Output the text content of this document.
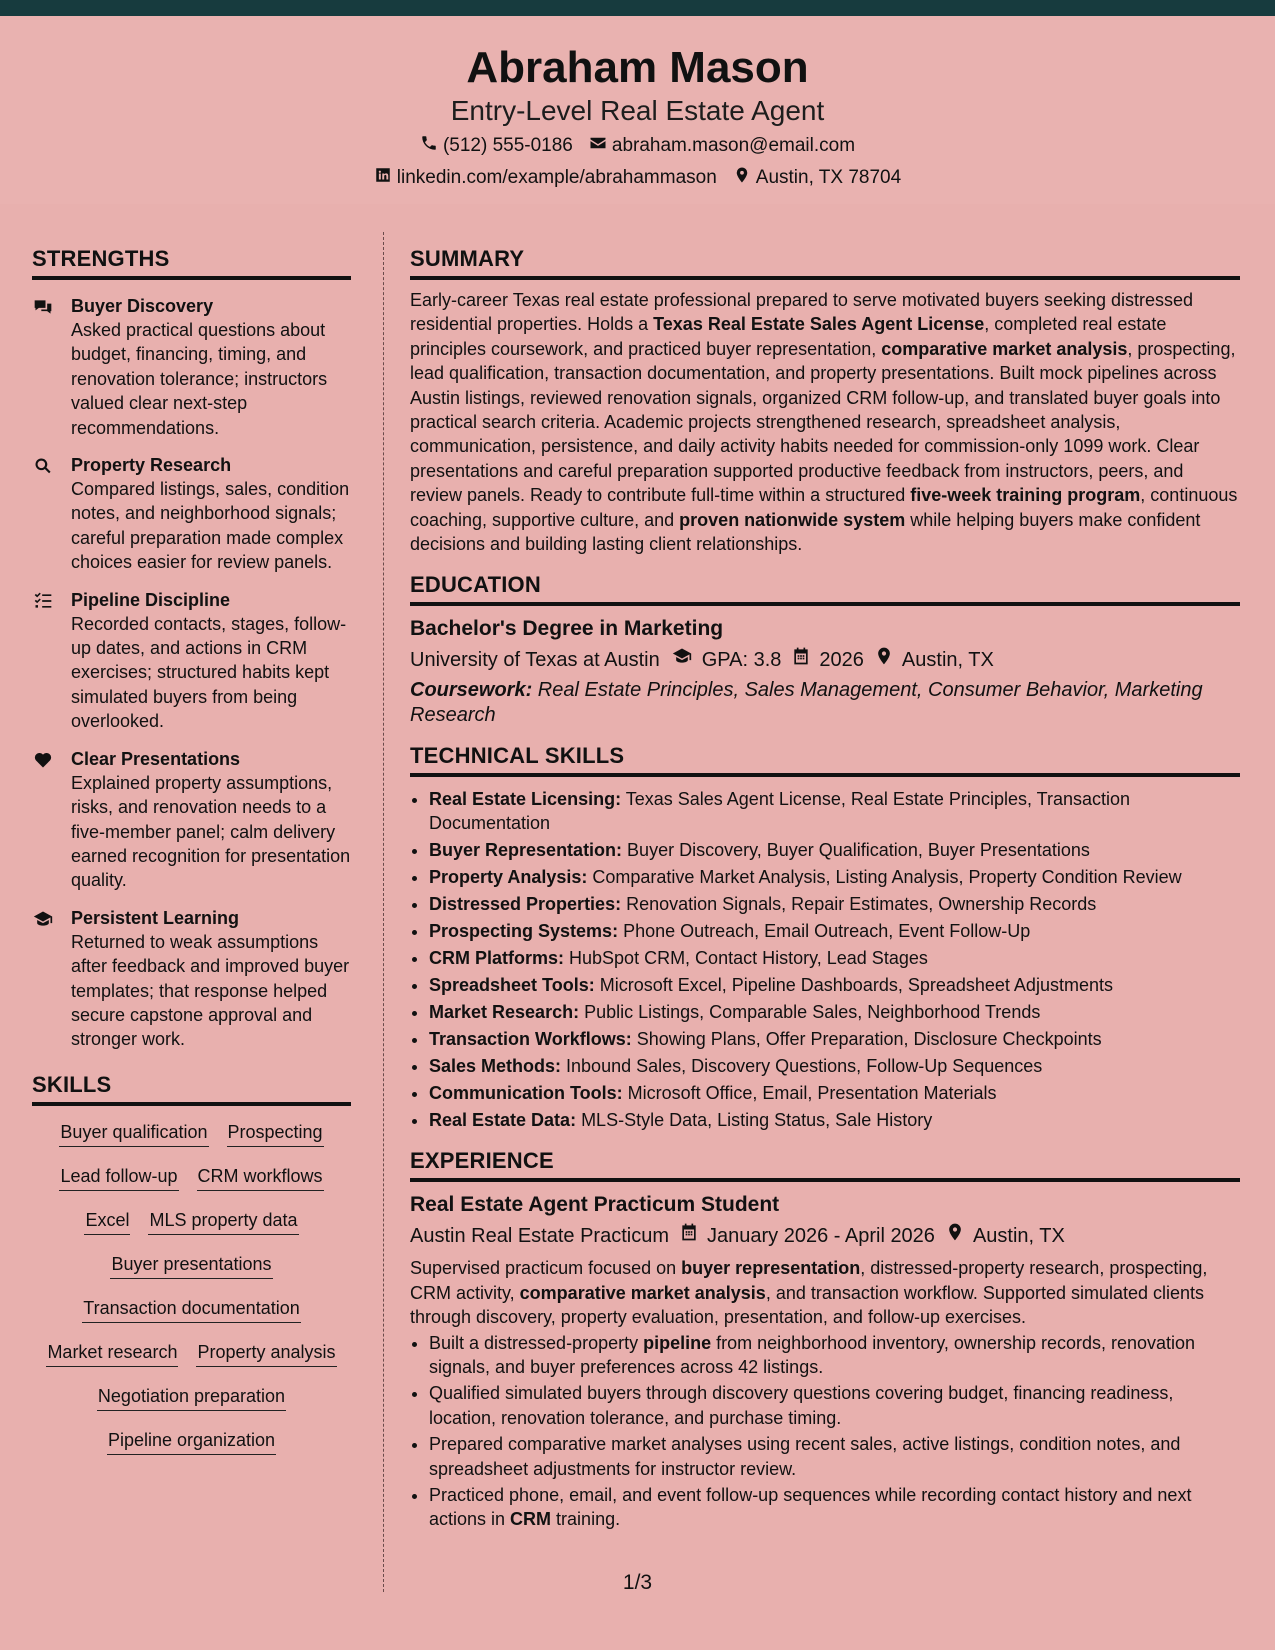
Abraham Mason
Entry-Level Real Estate Agent
(512) 555-0186 abraham.mason@email.com
linkedin.com/example/abrahammason Austin, TX 78704
STRENGTHS
Buyer Discovery

Asked practical questions about budget, financing, timing, and renovation tolerance; instructors valued clear next-step recommendations.

Property Research

Compared listings, sales, condition notes, and neighborhood signals; careful preparation made complex choices easier for review panels.

Pipeline Discipline

Recorded contacts, stages, follow-up dates, and actions in CRM exercises; structured habits kept simulated buyers from being overlooked.

Clear Presentations

Explained property assumptions, risks, and renovation needs to a five-member panel; calm delivery earned recognition for presentation quality.

Persistent Learning

Returned to weak assumptions after feedback and improved buyer templates; that response helped secure capstone approval and stronger work.

SKILLS
Buyer qualification Prospecting
Lead follow-up CRM workflows
Excel MLS property data
Buyer presentations
Transaction documentation
Market research Property analysis
Negotiation preparation
Pipeline organization
SUMMARY

Early-career Texas real estate professional prepared to serve motivated buyers seeking distressed residential properties. Holds a Texas Real Estate Sales Agent License, completed real estate principles coursework, and practiced buyer representation, comparative market analysis, prospecting, lead qualification, transaction documentation, and property presentations. Built mock pipelines across Austin listings, reviewed renovation signals, organized CRM follow-up, and translated buyer goals into practical search criteria. Academic projects strengthened research, spreadsheet analysis, communication, persistence, and daily activity habits needed for commission-only 1099 work. Clear presentations and careful preparation supported productive feedback from instructors, peers, and review panels. Ready to contribute full-time within a structured five-week training program, continuous coaching, supportive culture, and proven nationwide system while helping buyers make confident decisions and building lasting client relationships.

EDUCATION
Bachelor's Degree in Marketing
University of Texas at Austin GPA: 3.8 2026 Austin, TX

Coursework: Real Estate Principles, Sales Management, Consumer Behavior, Marketing Research

TECHNICAL SKILLS
• Real Estate Licensing: Texas Sales Agent License, Real Estate Principles, Transaction Documentation
• Buyer Representation: Buyer Discovery, Buyer Qualification, Buyer Presentations
• Property Analysis: Comparative Market Analysis, Listing Analysis, Property Condition Review
• Distressed Properties: Renovation Signals, Repair Estimates, Ownership Records
• Prospecting Systems: Phone Outreach, Email Outreach, Event Follow-Up
• CRM Platforms: HubSpot CRM, Contact History, Lead Stages
• Spreadsheet Tools: Microsoft Excel, Pipeline Dashboards, Spreadsheet Adjustments
• Market Research: Public Listings, Comparable Sales, Neighborhood Trends
• Transaction Workflows: Showing Plans, Offer Preparation, Disclosure Checkpoints
• Sales Methods: Inbound Sales, Discovery Questions, Follow-Up Sequences
• Communication Tools: Microsoft Office, Email, Presentation Materials
• Real Estate Data: MLS-Style Data, Listing Status, Sale History
EXPERIENCE
Real Estate Agent Practicum Student
Austin Real Estate Practicum January 2026 - April 2026 Austin, TX

Supervised practicum focused on buyer representation, distressed-property research, prospecting, CRM activity, comparative market analysis, and transaction workflow. Supported simulated clients through discovery, property evaluation, presentation, and follow-up exercises.

• Built a distressed-property pipeline from neighborhood inventory, ownership records, renovation signals, and buyer preferences across 42 listings.
• Qualified simulated buyers through discovery questions covering budget, financing readiness, location, renovation tolerance, and purchase timing.
• Prepared comparative market analyses using recent sales, active listings, condition notes, and spreadsheet adjustments for instructor review.
• Practiced phone, email, and event follow-up sequences while recording contact history and next actions in CRM training.
1/3
